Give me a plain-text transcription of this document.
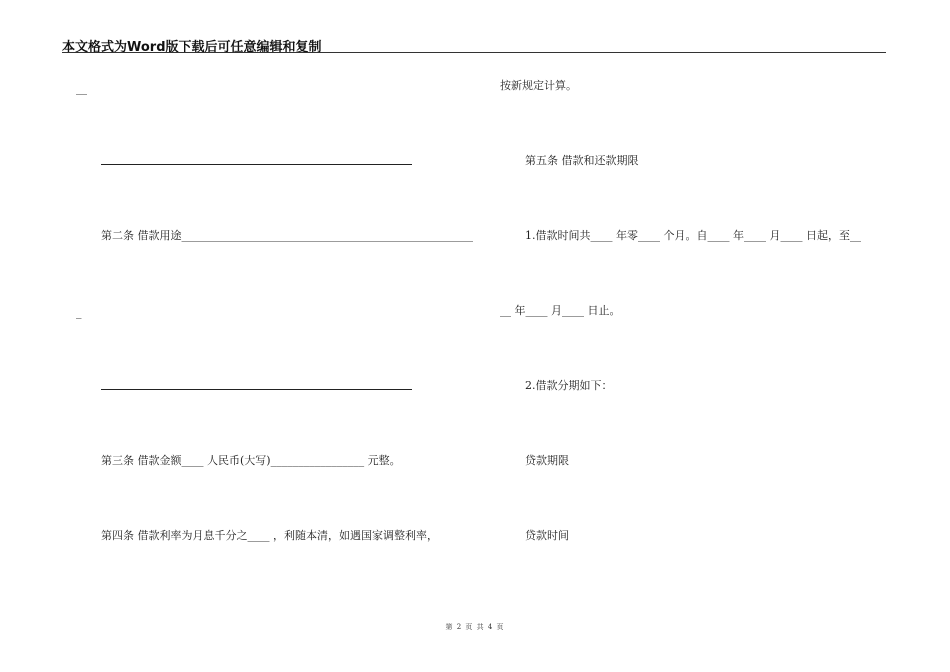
本文格式为Word版下载后可任意编辑和复制
__
第二条 借款用途_____________________________________________________
_
第三条 借款金额____ 人民币(大写)_________________ 元整。
第四条 借款利率为月息千分之____ ，利随本清，如遇国家调整利率，
按新规定计算。
第五条 借款和还款期限
1.借款时间共____ 年零____ 个月。自____ 年____ 月____ 日起，至__
__ 年____ 月____ 日止。
2.借款分期如下：
贷款期限
贷款时间
第 2 页 共 4 页
